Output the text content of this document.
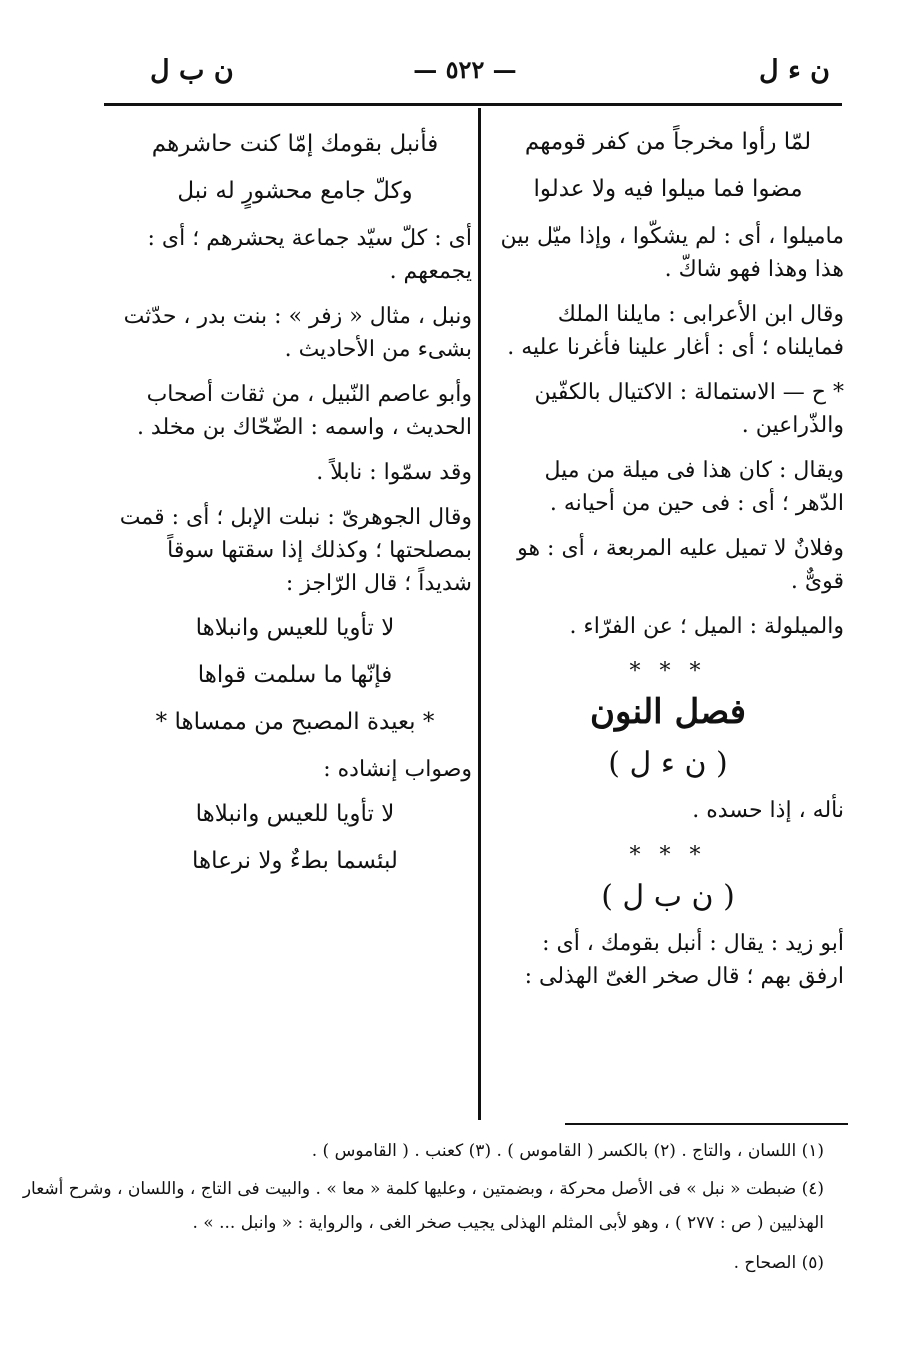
ن ء ل
— ٥٢٢ —
ن ب ل
لمّا رأوا مخرجاً من كفر قومهم
مضوا فما ميلوا فيه ولا عدلوا
ماميلوا ، أى : لم يشكّوا ، وإذا ميّل بين هذا وهذا فهو شاكّ .
وقال ابن الأعرابى : مايلنا الملك فمايلناه ؛ أى : أغار علينا فأغرنا عليه .
* ح — الاستمالة : الاكتيال بالكفّين والذّراعين .
ويقال : كان هذا فى ميلة من ميل الدّهر ؛ أى : فى حين من أحيانه .
وفلانٌ لا تميل عليه المربعة ، أى : هو قوىٌّ .
والميلولة : الميل ؛ عن الفرّاء .
* * *
فصل النون
( ن ء ل )
نأله ، إذا حسده .
* * *
( ن ب ل )
أبو زيد : يقال : أنبل بقومك ، أى : ارفق بهم ؛ قال صخر الغىّ الهذلى :
فأنبل بقومك إمّا كنت حاشرهم
وكلّ جامع محشورٍ له نبل
أى : كلّ سيّد جماعة يحشرهم ؛ أى : يجمعهم .
ونبل ، مثال « زفر » : بنت بدر ، حدّثت بشىء من الأحاديث .
وأبو عاصم النّبيل ، من ثقات أصحاب الحديث ، واسمه : الضّحّاك بن مخلد .
وقد سمّوا : نابلاً .
وقال الجوهرىّ : نبلت الإبل ؛ أى : قمت بمصلحتها ؛ وكذلك إذا سقتها سوقاً شديداً ؛ قال الرّاجز :
لا تأويا للعيس وانبلاها
فإنّها ما سلمت قواها
* بعيدة المصبح من ممساها *
وصواب إنشاده :
لا تأويا للعيس وانبلاها
لبئسما بطءٌ ولا نرعاها
(١) اللسان ، والتاج . (٢) بالكسر ( القاموس ) . (٣) كعنب . ( القاموس ) .
(٤) ضبطت « نبل » فى الأصل محركة ، وبضمتين ، وعليها كلمة « معا » . والبيت فى التاج ، واللسان ، وشرح أشعار
الهذليين ( ص : ٢٧٧ ) ، وهو لأبى المثلم الهذلى يجيب صخر الغى ، والرواية : « وانبل ... » .
(٥) الصحاح .
